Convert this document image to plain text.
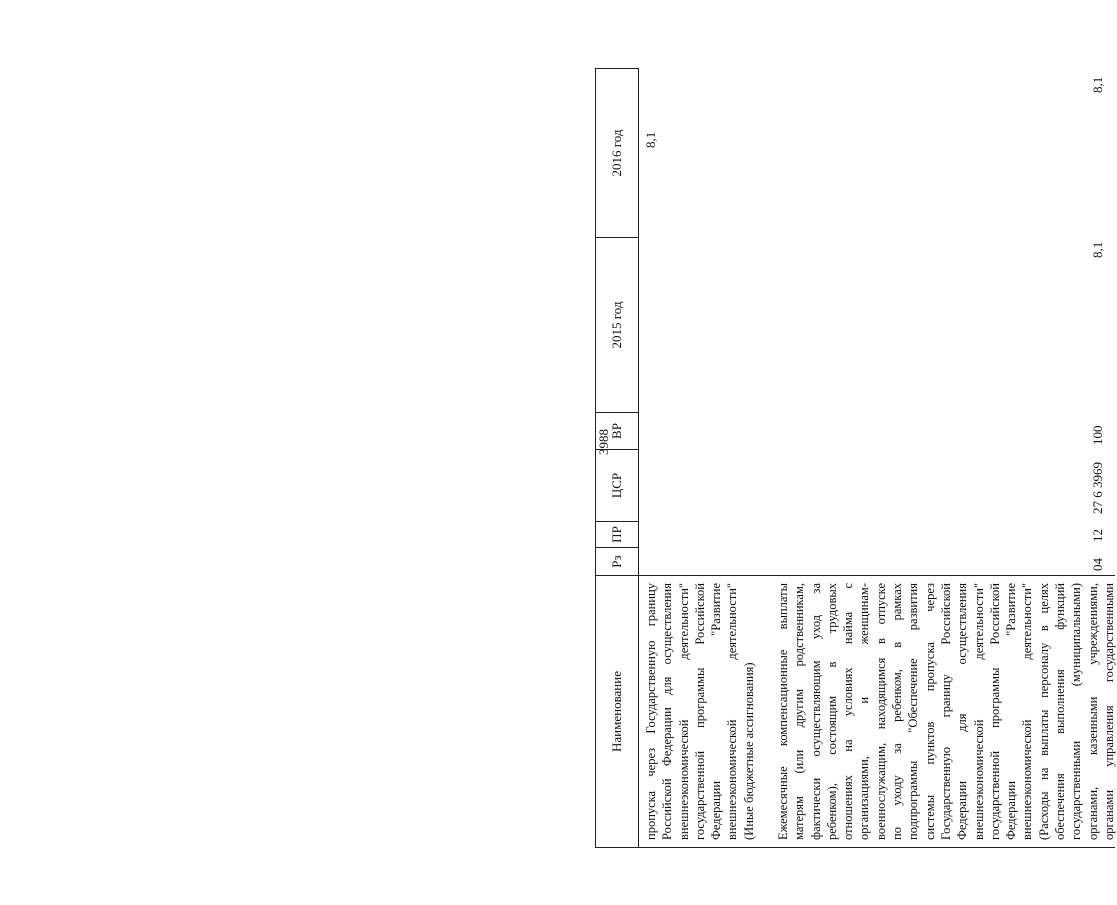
3988
Наименование
Рз
ПР
ЦСР
ВР
2015 год
2016 год
пропуска через Государственную границу Российской Федерации для осуществления внешнеэкономической деятельности" государственной программы Российской Федерации "Развитие внешнеэкономической деятельности" (Иные бюджетные ассигнования)
8,1
Ежемесячные компенсационные выплаты матерям (или другим родственникам, фактически осуществляющим уход за ребенком), состоящим в трудовых отношениях на условиях найма с организациями, и женщинам- военнослужащим, находящимся в отпуске по уходу за ребенком, в рамках подпрограммы "Обеспечение развития системы пунктов пропуска через Государственную границу Российской Федерации для осуществления внешнеэкономической деятельности" государственной программы Российской Федерации "Развитие внешнеэкономической деятельности" (Расходы на выплаты персоналу в целях обеспечения выполнения функций государственными (муниципальными) органами, казенными учреждениями, органами управления государственными
04
12
27 6 3969
100
8,1
8,1
